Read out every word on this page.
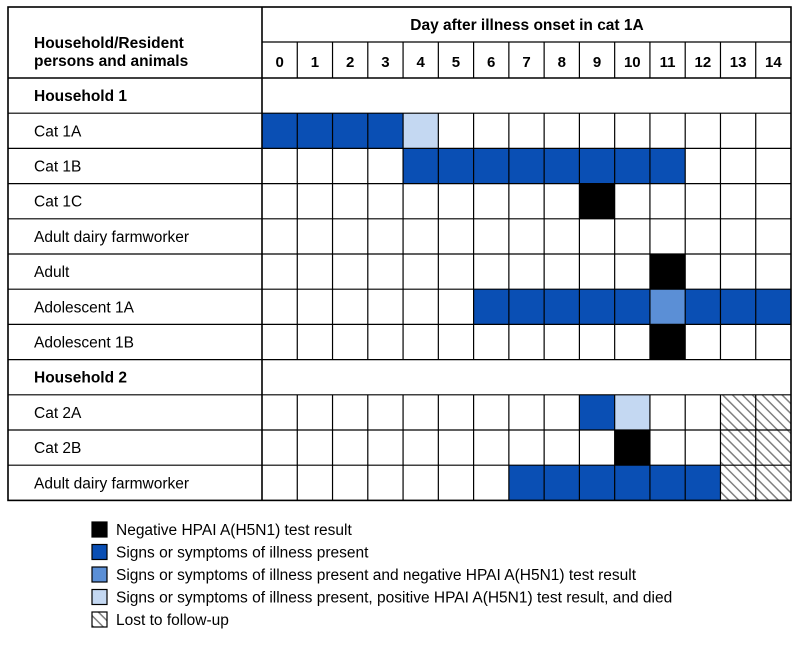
Household/Resident
persons and animals
Day after illness onset in cat 1A
0 1 2 3 4 5 6 7 8 9 10 11 12 13 14
Household 1
Cat 1A
Cat 1B
Cat 1C
Adult dairy farmworker
Adult
Adolescent 1A
Adolescent 1B
Household 2
Cat 2A
Cat 2B
Adult dairy farmworker
Negative HPAI A(H5N1) test result
Signs or symptoms of illness present
Signs or symptoms of illness present and negative HPAI A(H5N1) test result
Signs or symptoms of illness present, positive HPAI A(H5N1) test result, and died
Lost to follow-up
